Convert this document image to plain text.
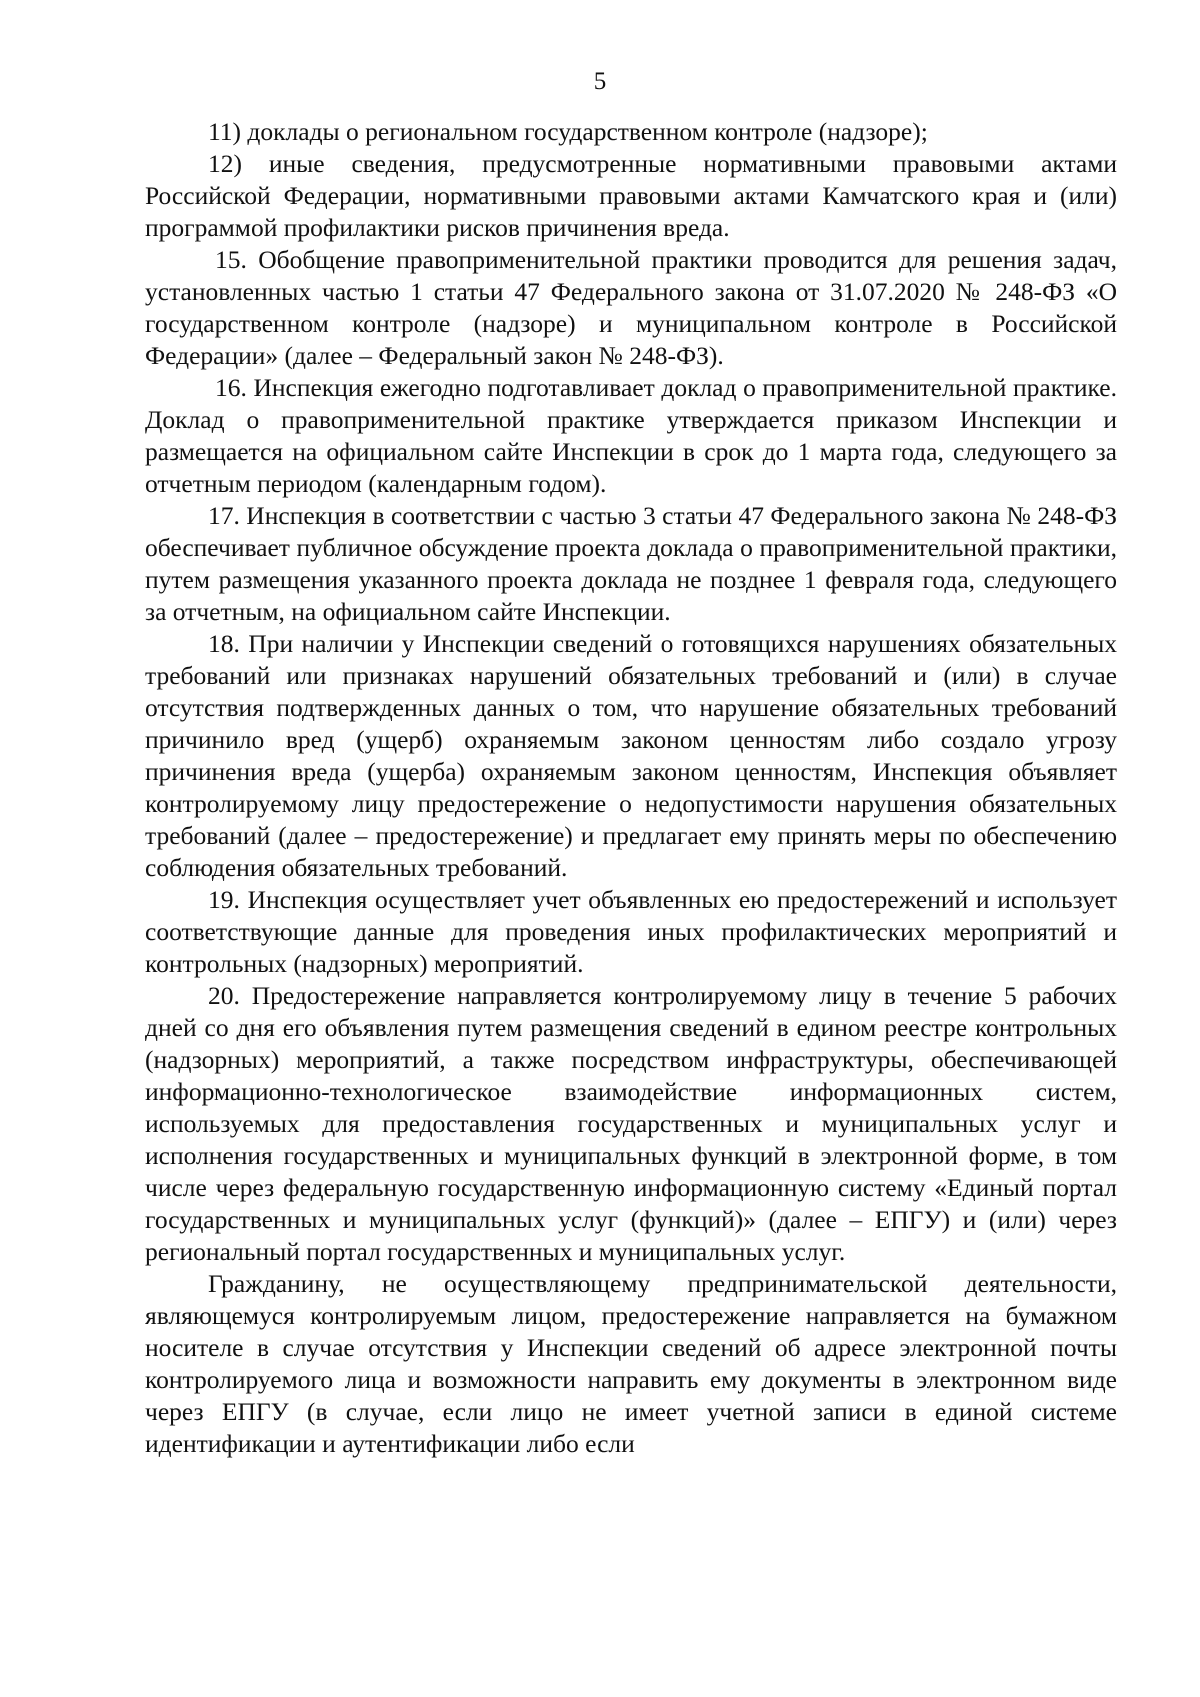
5

11) доклады о региональном государственном контроле (надзоре);

12) иные сведения, предусмотренные нормативными правовыми актами Российской Федерации, нормативными правовыми актами Камчатского края и (или) программой профилактики рисков причинения вреда.

15. Обобщение правоприменительной практики проводится для решения задач, установленных частью 1 статьи 47 Федерального закона от 31.07.2020 № 248-ФЗ «О государственном контроле (надзоре) и муниципальном контроле в Российской Федерации» (далее – Федеральный закон № 248-ФЗ).

16. Инспекция ежегодно подготавливает доклад о правоприменительной практике. Доклад о правоприменительной практике утверждается приказом Инспекции и размещается на официальном сайте Инспекции в срок до 1 марта года, следующего за отчетным периодом (календарным годом).

17. Инспекция в соответствии с частью 3 статьи 47 Федерального закона № 248-ФЗ обеспечивает публичное обсуждение проекта доклада о правоприменительной практики, путем размещения указанного проекта доклада не позднее 1 февраля года, следующего за отчетным, на официальном сайте Инспекции.

18. При наличии у Инспекции сведений о готовящихся нарушениях обязательных требований или признаках нарушений обязательных требований и (или) в случае отсутствия подтвержденных данных о том, что нарушение обязательных требований причинило вред (ущерб) охраняемым законом ценностям либо создало угрозу причинения вреда (ущерба) охраняемым законом ценностям, Инспекция объявляет контролируемому лицу предостережение о недопустимости нарушения обязательных требований (далее – предостережение) и предлагает ему принять меры по обеспечению соблюдения обязательных требований.

19. Инспекция осуществляет учет объявленных ею предостережений и использует соответствующие данные для проведения иных профилактических мероприятий и контрольных (надзорных) мероприятий.

20. Предостережение направляется контролируемому лицу в течение 5 рабочих дней со дня его объявления путем размещения сведений в едином реестре контрольных (надзорных) мероприятий, а также посредством инфраструктуры, обеспечивающей информационно-технологическое взаимодействие информационных систем, используемых для предоставления государственных и муниципальных услуг и исполнения государственных и муниципальных функций в электронной форме, в том числе через федеральную государственную информационную систему «Единый портал государственных и муниципальных услуг (функций)» (далее – ЕПГУ) и (или) через региональный портал государственных и муниципальных услуг.

Гражданину, не осуществляющему предпринимательской деятельности, являющемуся контролируемым лицом, предостережение направляется на бумажном носителе в случае отсутствия у Инспекции сведений об адресе электронной почты контролируемого лица и возможности направить ему документы в электронном виде через ЕПГУ (в случае, если лицо не имеет учетной записи в единой системе идентификации и аутентификации либо если
